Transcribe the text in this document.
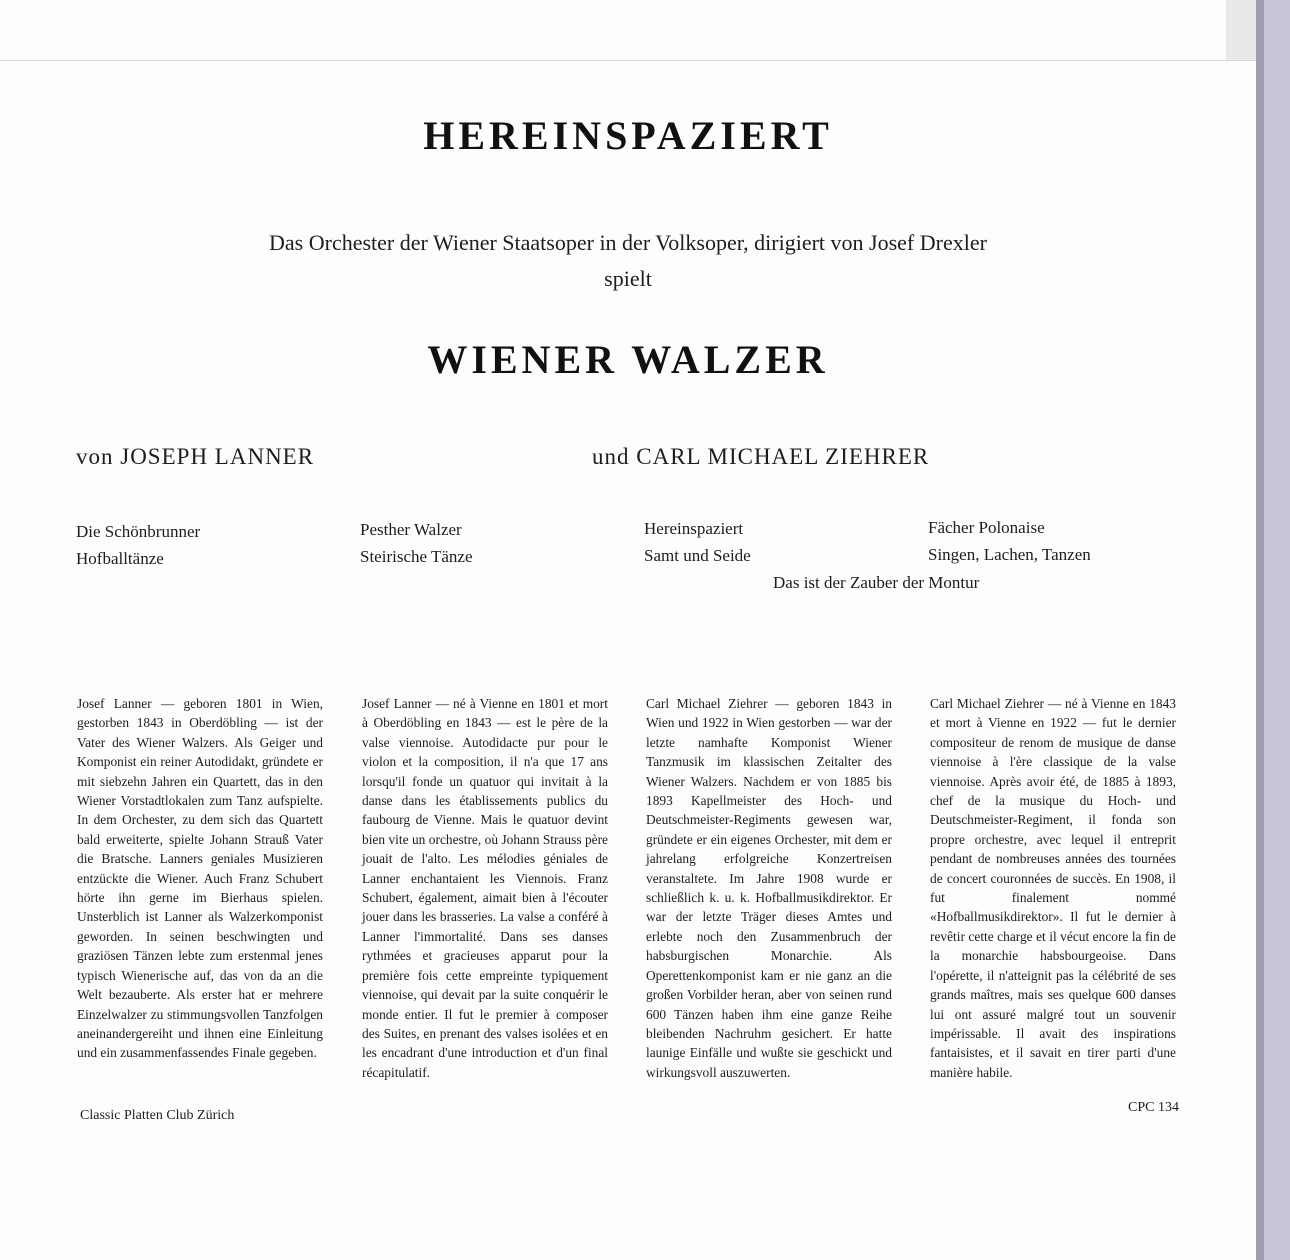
HEREINSPAZIERT
Das Orchester der Wiener Staatsoper in der Volksoper, dirigiert von Josef Drexler
spielt
WIENER WALZER
von JOSEPH LANNER	und CARL MICHAEL ZIEHRER
Die Schönbrunner
Hofballtänze
Pesther Walzer
Steirische Tänze
Hereinspaziert
Samt und Seide
Fächer Polonaise
Singen, Lachen, Tanzen
Das ist der Zauber der Montur
Josef Lanner — geboren 1801 in Wien, gestorben 1843 in Oberdöbling — ist der Vater des Wiener Walzers. Als Geiger und Komponist ein reiner Autodidakt, gründete er mit siebzehn Jahren ein Quartett, das in den Wiener Vorstadtlokalen zum Tanz aufspielte. In dem Orchester, zu dem sich das Quartett bald erweiterte, spielte Johann Strauß Vater die Bratsche. Lanners geniales Musizieren entzückte die Wiener. Auch Franz Schubert hörte ihn gerne im Bierhaus spielen. Unsterblich ist Lanner als Walzerkomponist geworden. In seinen beschwingten und graziösen Tänzen lebte zum erstenmal jenes typisch Wienerische auf, das von da an die Welt bezauberte. Als erster hat er mehrere Einzelwalzer zu stimmungsvollen Tanzfolgen aneinandergereiht und ihnen eine Einleitung und ein zusammenfassendes Finale gegeben.
Josef Lanner — né à Vienne en 1801 et mort à Oberdöbling en 1843 — est le père de la valse viennoise. Autodidacte pur pour le violon et la composition, il n'a que 17 ans lorsqu'il fonde un quatuor qui invitait à la danse dans les établissements publics du faubourg de Vienne. Mais le quatuor devint bien vite un orchestre, où Johann Strauss père jouait de l'alto. Les mélodies géniales de Lanner enchantaient les Viennois. Franz Schubert, également, aimait bien à l'écouter jouer dans les brasseries. La valse a conféré à Lanner l'immortalité. Dans ses danses rythmées et gracieuses apparut pour la première fois cette empreinte typiquement viennoise, qui devait par la suite conquérir le monde entier. Il fut le premier à composer des Suites, en prenant des valses isolées et en les encadrant d'une introduction et d'un final récapitulatif.
Carl Michael Ziehrer — geboren 1843 in Wien und 1922 in Wien gestorben — war der letzte namhafte Komponist Wiener Tanzmusik im klassischen Zeitalter des Wiener Walzers. Nachdem er von 1885 bis 1893 Kapellmeister des Hoch- und Deutschmeister-Regiments gewesen war, gründete er ein eigenes Orchester, mit dem er jahrelang erfolgreiche Konzertreisen veranstaltete. Im Jahre 1908 wurde er schließlich k. u. k. Hofballmusikdirektor. Er war der letzte Träger dieses Amtes und erlebte noch den Zusammenbruch der habsburgischen Monarchie. Als Operettenkomponist kam er nie ganz an die großen Vorbilder heran, aber von seinen rund 600 Tänzen haben ihm eine ganze Reihe bleibenden Nachruhm gesichert. Er hatte launige Einfälle und wußte sie geschickt und wirkungsvoll auszuwerten.
Carl Michael Ziehrer — né à Vienne en 1843 et mort à Vienne en 1922 — fut le dernier compositeur de renom de musique de danse viennoise à l'ère classique de la valse viennoise. Après avoir été, de 1885 à 1893, chef de la musique du Hoch- und Deutschmeister-Regiment, il fonda son propre orchestre, avec lequel il entreprit pendant de nombreuses années des tournées de concert couronnées de succès. En 1908, il fut finalement nommé «Hofballmusikdirektor». Il fut le dernier à revêtir cette charge et il vécut encore la fin de la monarchie habsbourgeoise. Dans l'opérette, il n'atteignit pas la célébrité de ses grands maîtres, mais ses quelque 600 danses lui ont assuré malgré tout un souvenir impérissable. Il avait des inspirations fantaisistes, et il savait en tirer parti d'une manière habile.
Classic Platten Club Zürich
CPC 134
